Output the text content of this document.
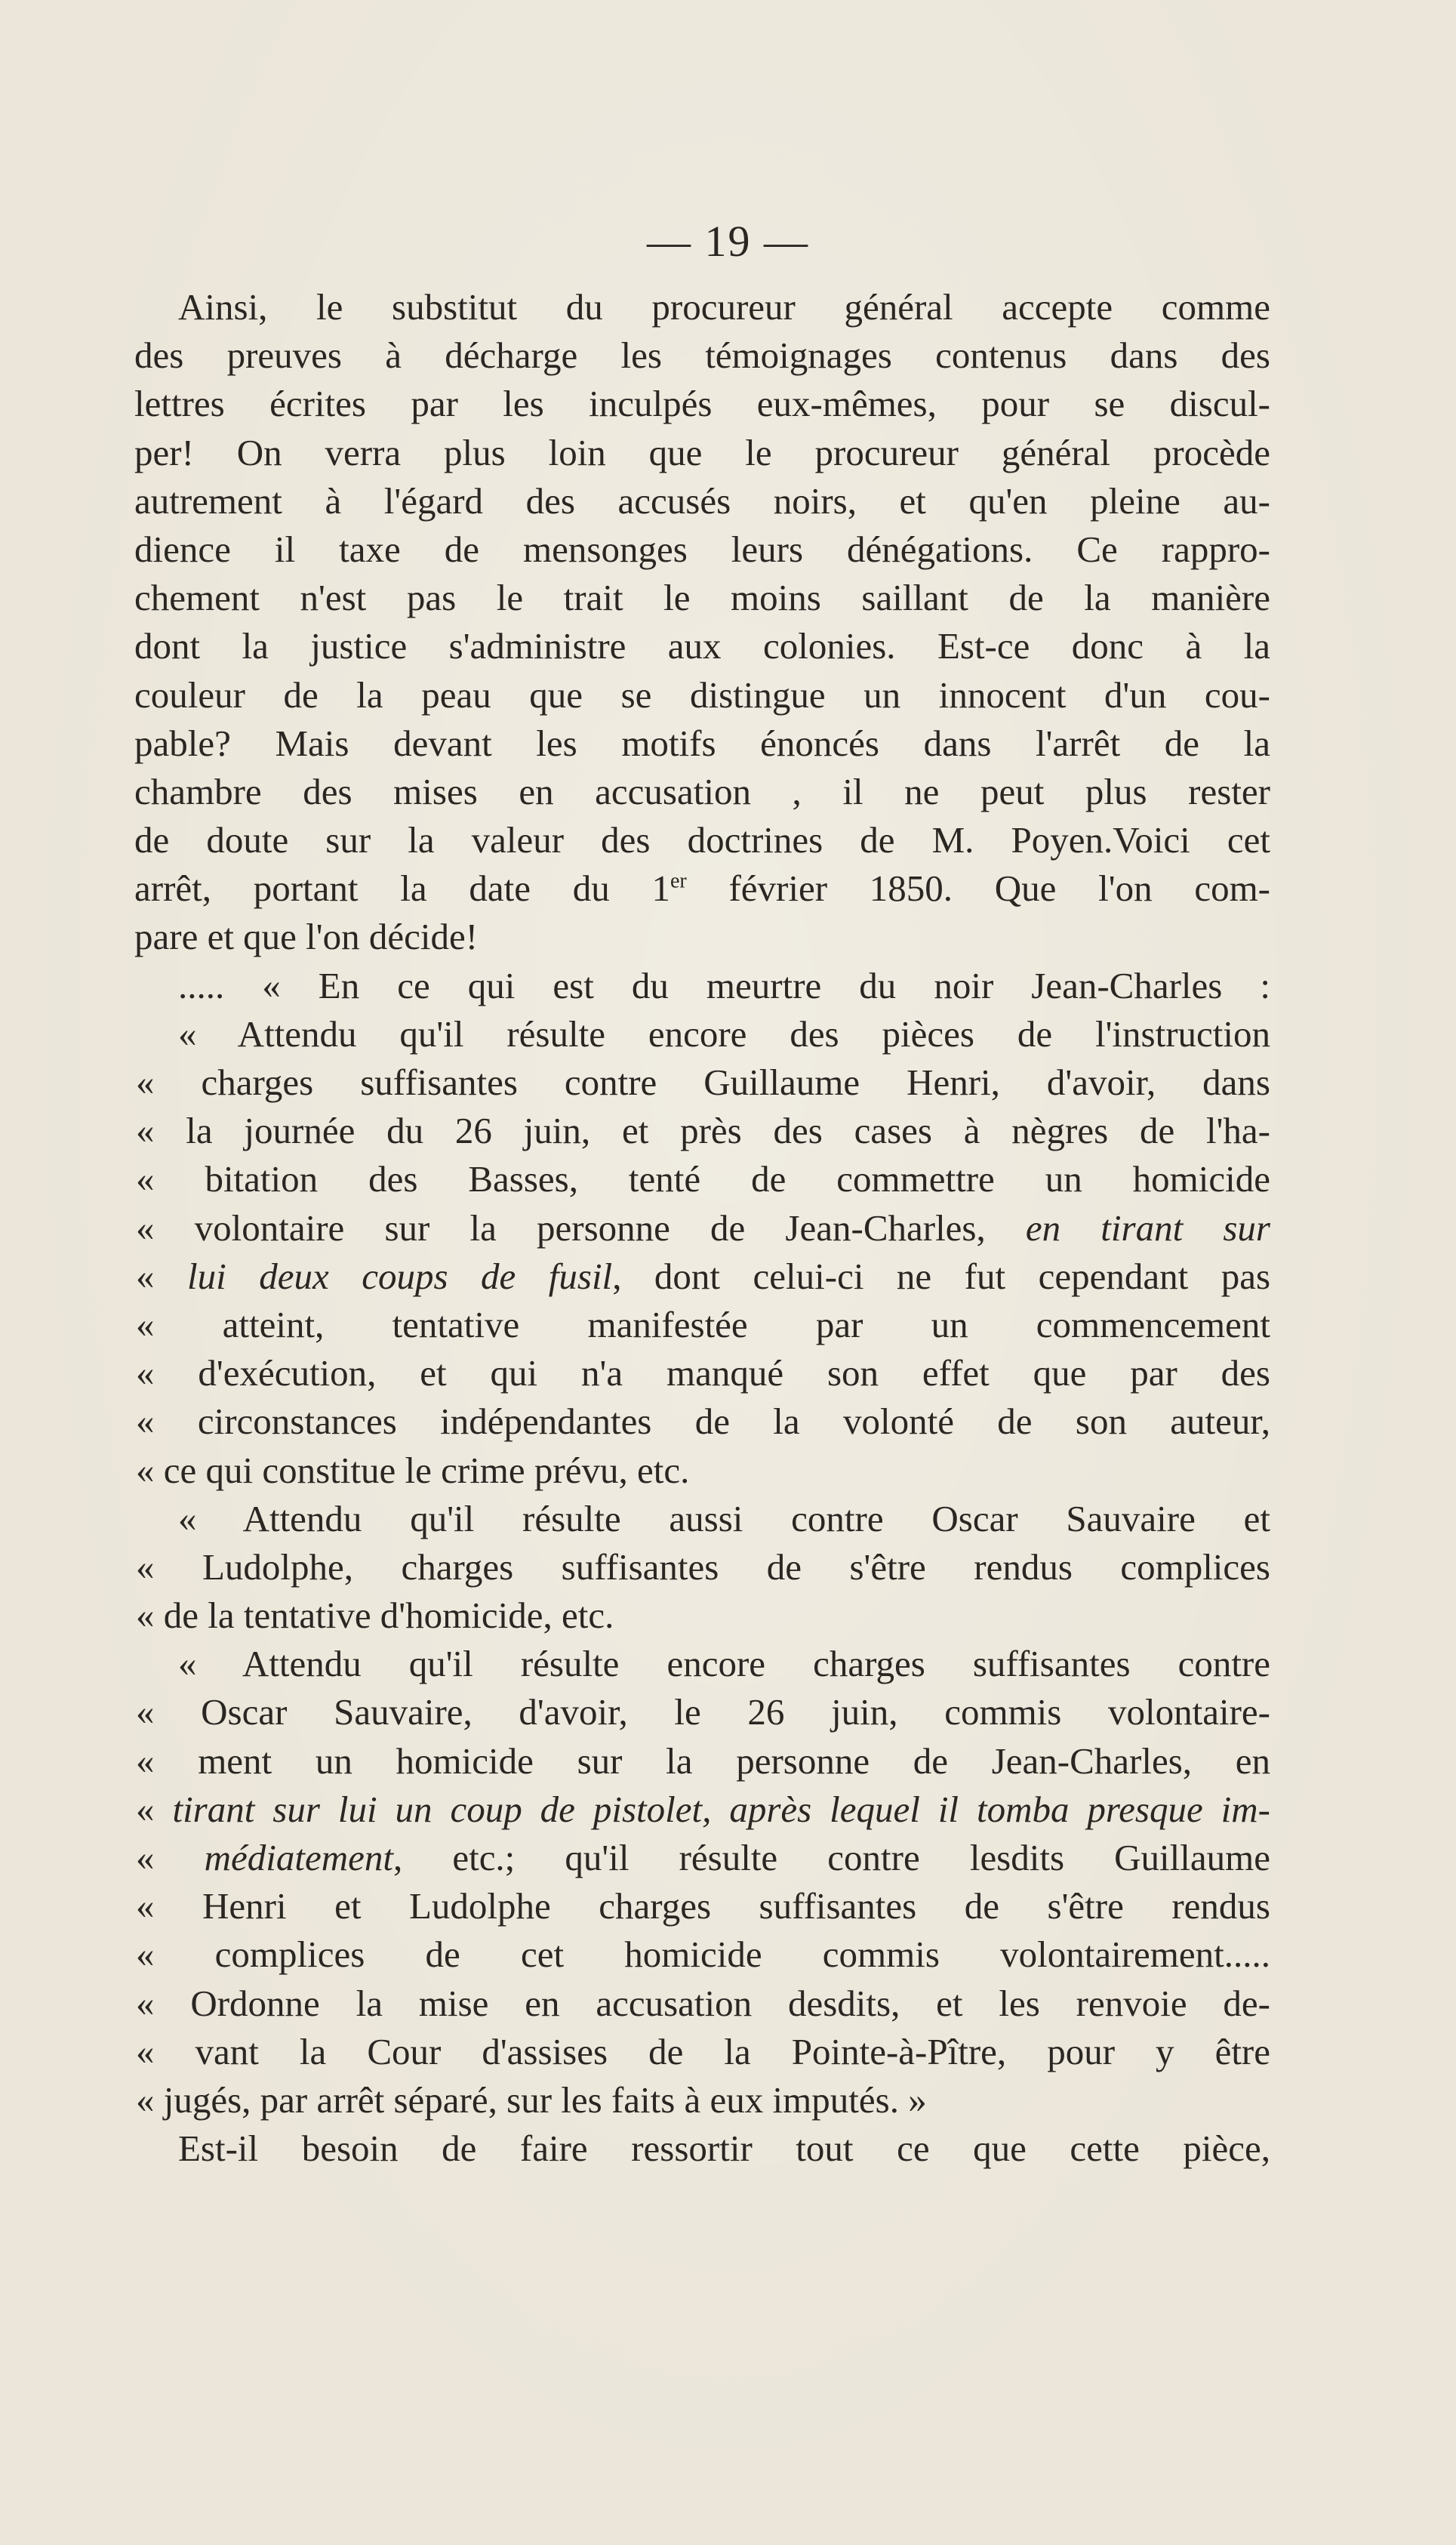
— 19 —
Ainsi, le substitut du procureur général accepte comme
des preuves à décharge les témoignages contenus dans des
lettres écrites par les inculpés eux-mêmes, pour se discul-
per! On verra plus loin que le procureur général procède
autrement à l'égard des accusés noirs, et qu'en pleine au-
dience il taxe de mensonges leurs dénégations. Ce rappro-
chement n'est pas le trait le moins saillant de la manière
dont la justice s'administre aux colonies. Est-ce donc à la
couleur de la peau que se distingue un innocent d'un cou-
pable? Mais devant les motifs énoncés dans l'arrêt de la
chambre des mises en accusation , il ne peut plus rester
de doute sur la valeur des doctrines de M. Poyen.Voici cet
arrêt, portant la date du 1er février 1850. Que l'on com-
pare et que l'on décide!
..... « En ce qui est du meurtre du noir Jean-Charles :
« Attendu qu'il résulte encore des pièces de l'instruction
« charges suffisantes contre Guillaume Henri, d'avoir, dans
« la journée du 26 juin, et près des cases à nègres de l'ha-
« bitation des Basses, tenté de commettre un homicide
« volontaire sur la personne de Jean-Charles, en tirant sur
« lui deux coups de fusil, dont celui-ci ne fut cependant pas
« atteint, tentative manifestée par un commencement
« d'exécution, et qui n'a manqué son effet que par des
« circonstances indépendantes de la volonté de son auteur,
« ce qui constitue le crime prévu, etc.
« Attendu qu'il résulte aussi contre Oscar Sauvaire et
« Ludolphe, charges suffisantes de s'être rendus complices
« de la tentative d'homicide, etc.
« Attendu qu'il résulte encore charges suffisantes contre
« Oscar Sauvaire, d'avoir, le 26 juin, commis volontaire-
« ment un homicide sur la personne de Jean-Charles, en
« tirant sur lui un coup de pistolet, après lequel il tomba presque im-
« médiatement, etc.; qu'il résulte contre lesdits Guillaume
« Henri et Ludolphe charges suffisantes de s'être rendus
« complices de cet homicide commis volontairement.....
« Ordonne la mise en accusation desdits, et les renvoie de-
« vant la Cour d'assises de la Pointe-à-Pître, pour y être
« jugés, par arrêt séparé, sur les faits à eux imputés. »
Est-il besoin de faire ressortir tout ce que cette pièce,
